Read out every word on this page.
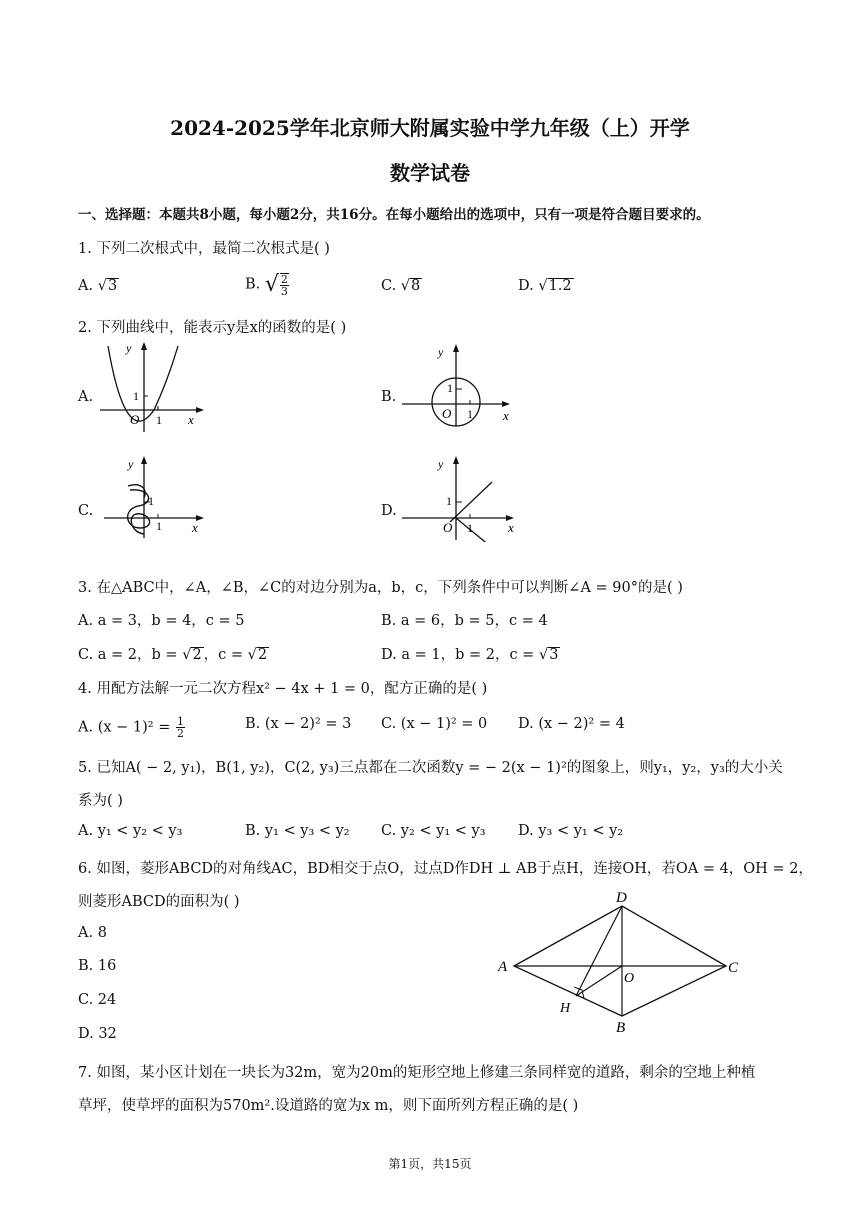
2024-2025学年北京师大附属实验中学九年级（上）开学
数学试卷
一、选择题：本题共8小题，每小题2分，共16分。在每小题给出的选项中，只有一项是符合题目要求的。
1. 下列二次根式中，最简二次根式是( )
A. √3	B. √ $\frac{2}{3}$	C. √8	D. √1.2
2. 下列曲线中，能表示y是x的函数的是( )
A.
y
1
O 1 x
B.
y
1
O 1 x
C.
y
1
1 x
D.
y
1
O 1	x
3. 在△ABC中，∠A，∠B，∠C的对边分别为a，b，c，下列条件中可以判断∠A = 90°的是( )
A. a = 3，b = 4，c = 5	B. a = 6，b = 5，c = 4
C. a = 2，b = √2 ，c = √2	D. a = 1，b = 2，c = √3
4. 用配方法解一元二次方程x² − 4x + 1 = 0，配方正确的是( )
A. $(x - 1)^2 = \frac{1}{2}$	B. (x − 2)² = 3 C. (x − 1)² = 0 D. (x − 2)² = 4
5. 已知A( − 2, y₁)，B(1, y₂)，C(2, y₃)三点都在二次函数y = − 2(x − 1)²的图象上，则y₁，y₂，y₃的大小关
系为( )
A. y₁ < y₂ < y₃	B. y₁ < y₃ < y₂ C. y₂ < y₁ < y₃ D. y₃ < y₁ < y₂
6. 如图，菱形ABCD的对角线AC，BD相交于点O，过点D作DH ⊥ AB于点H，连接OH，若OA = 4，OH = 2，
则菱形ABCD的面积为( )
A. 8
B. 16
C. 24
D. 32
A
D
C
B
O
H
7. 如图，某小区计划在一块长为32m，宽为20m的矩形空地上修建三条同样宽的道路，剩余的空地上种植
草坪，使草坪的面积为570m².设道路的宽为x m，则下面所列方程正确的是( )
第1页，共15页
